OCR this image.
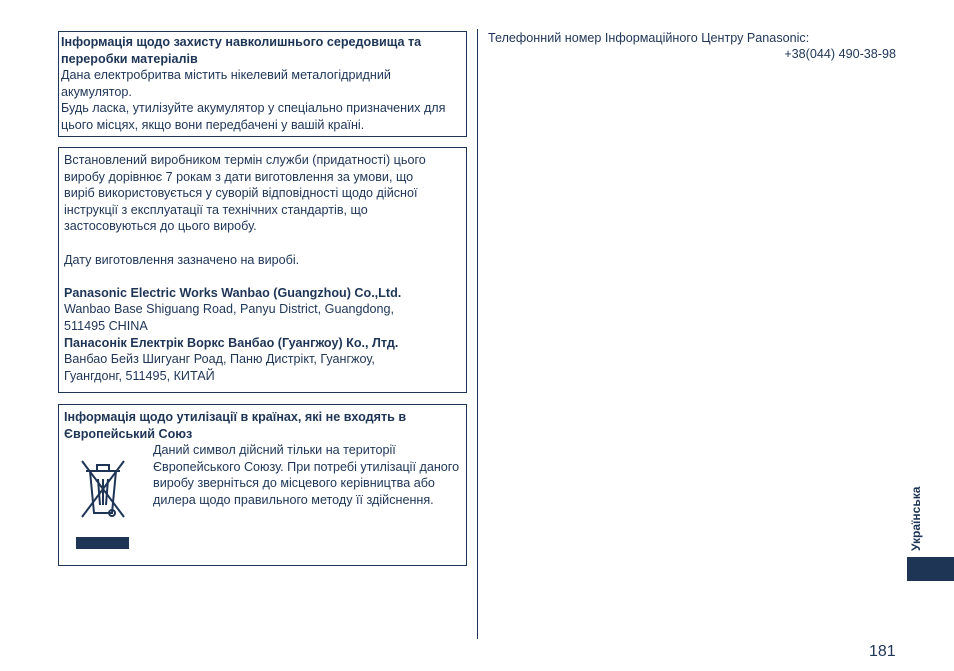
Інформація щодо захисту навколишнього середовища та переробки матеріалів

Дана електробритва містить нікелевий металогідридний акумулятор.

Будь ласка, утилізуйте акумулятор у спеціально призначених для цього місцях, якщо вони передбачені у вашій країні.

Встановлений виробником термін служби (придатності) цього виробу дорівнює 7 рокам з дати виготовлення за умови, що виріб використовується у суворій відповідності щодо дійсної інструкції з експлуатації та технічних стандартів, що застосовуються до цього виробу.

Дату виготовлення зазначено на виробі.

Panasonic Electric Works Wanbao (Guangzhou) Co.,Ltd.

Wanbao Base Shiguang Road, Panyu District, Guangdong, 511495 CHINA

Панасонік Електрік Воркс Ванбао (Гуангжоу) Ко., Лтд.

Ванбао Бейз Шигуанг Роад, Паню Дистрікт, Гуангжоу, Гуангдонг, 511495, КИТАЙ

Інформація щодо утилізації в країнах, які не входять в Європейський Союз

Даний символ дійсний тільки на території Європейського Союзу. При потребі утилізації даного виробу зверніться до місцевого керівництва або дилера щодо правильного методу її здійснення.

Телефонний номер Інформаційного Центру Panasonic:

+38(044) 490-38-98

Українська
181
